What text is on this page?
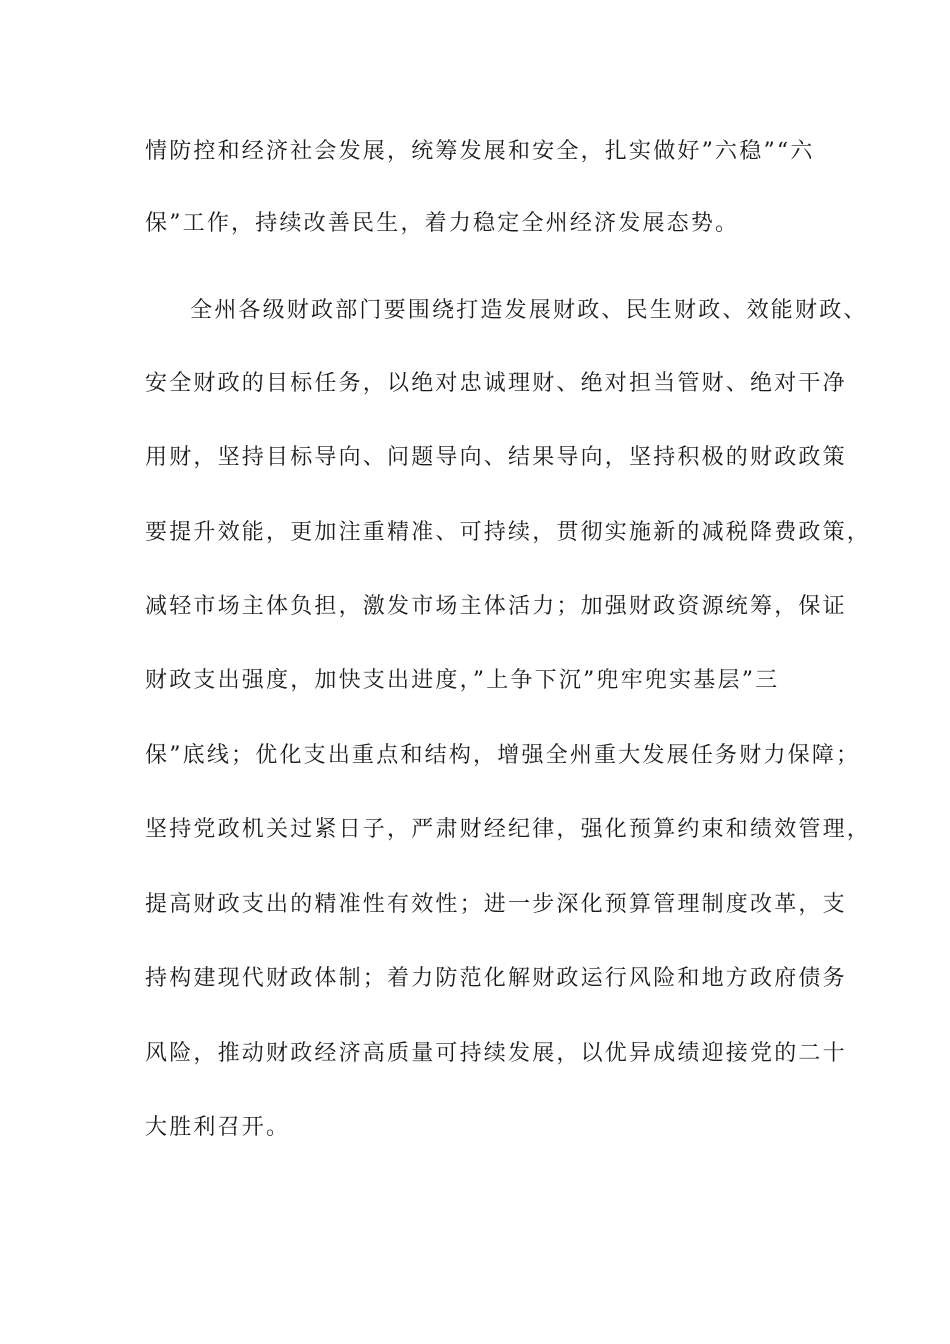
情防控和经济社会发展，统筹发展和安全，扎实做好”六稳”“六
保”工作，持续改善民生，着力稳定全州经济发展态势。
全州各级财政部门要围绕打造发展财政、民生财政、效能财政、
安全财政的目标任务，以绝对忠诚理财、绝对担当管财、绝对干净
用财，坚持目标导向、问题导向、结果导向，坚持积极的财政政策
要提升效能，更加注重精准、可持续，贯彻实施新的减税降费政策，
减轻市场主体负担，激发市场主体活力；加强财政资源统筹，保证
财政支出强度，加快支出进度，”上争下沉”兜牢兜实基层”三
保”底线；优化支出重点和结构，增强全州重大发展任务财力保障；
坚持党政机关过紧日子，严肃财经纪律，强化预算约束和绩效管理，
提高财政支出的精准性有效性；进一步深化预算管理制度改革，支
持构建现代财政体制；着力防范化解财政运行风险和地方政府债务
风险，推动财政经济高质量可持续发展，以优异成绩迎接党的二十
大胜利召开。
